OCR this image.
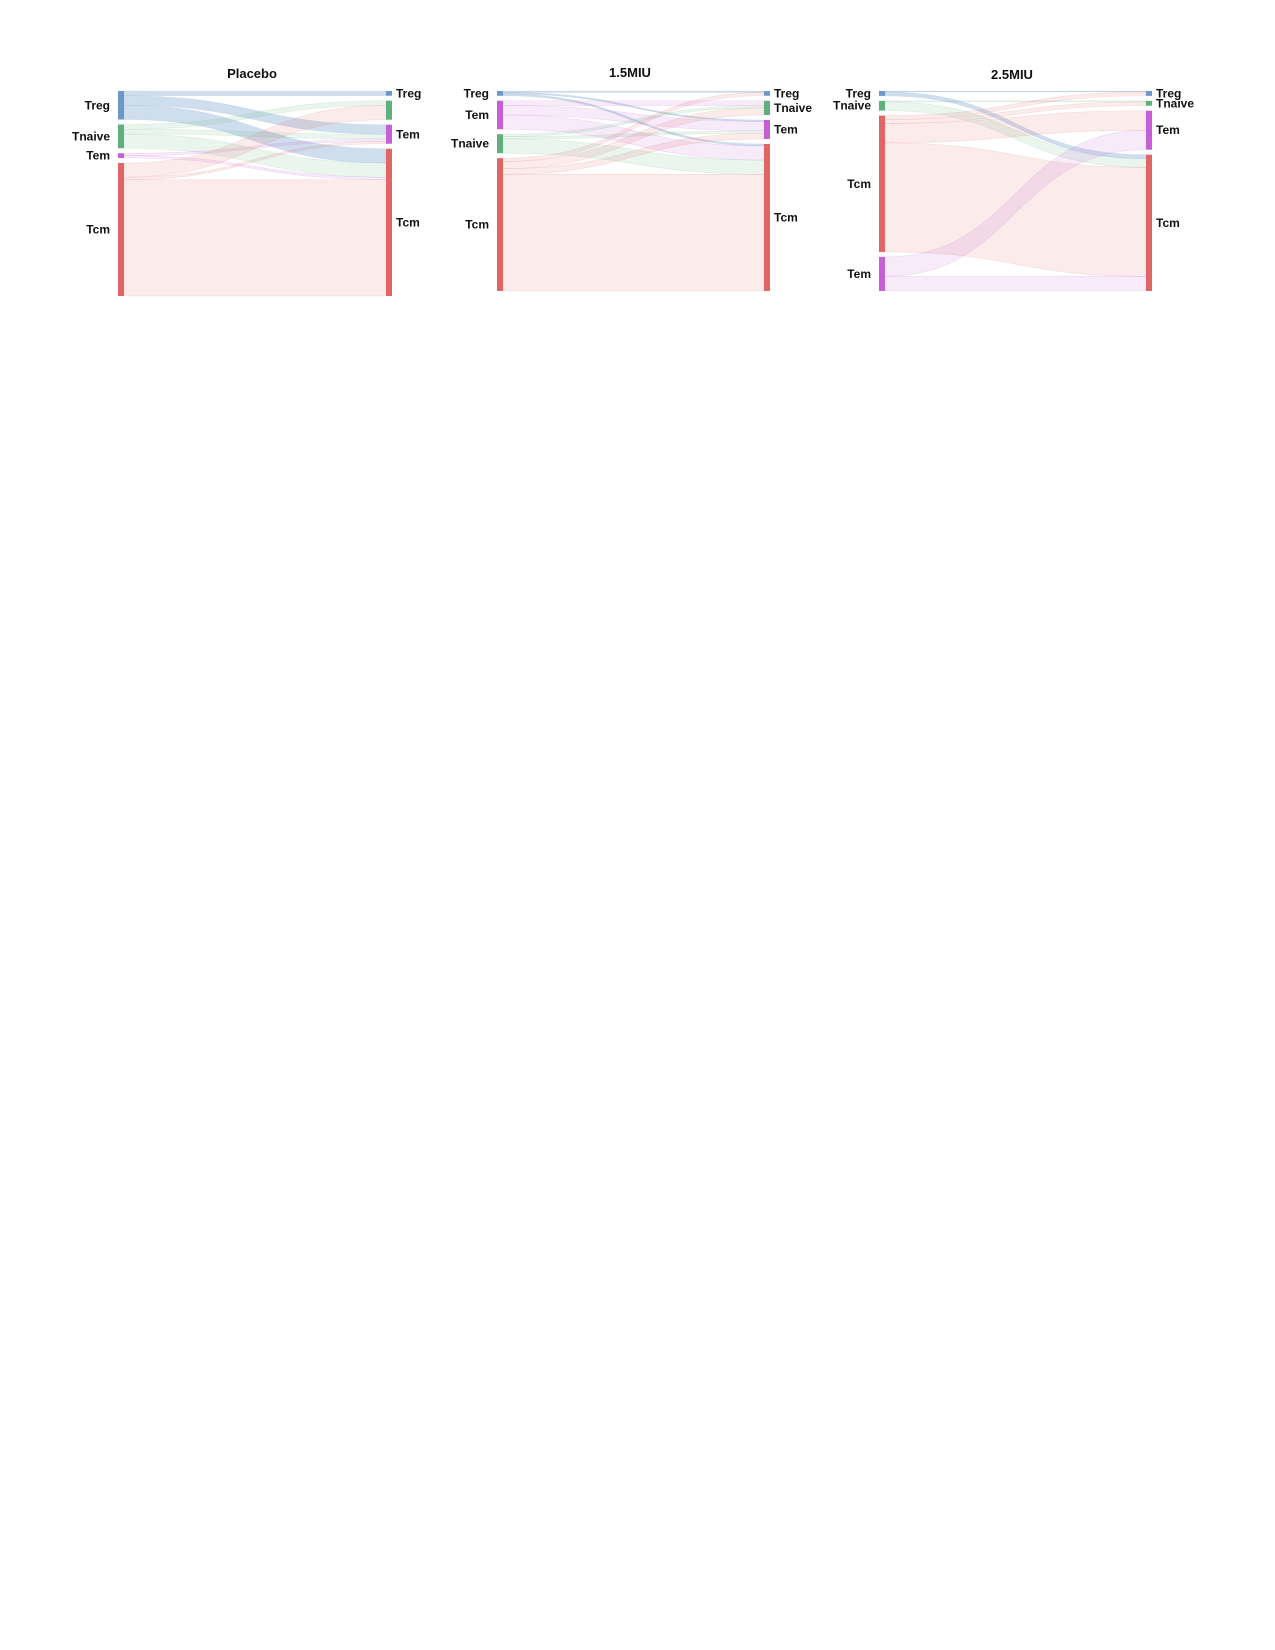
Placebo
Treg
Tnaive
Tem
Tcm
Treg
Tem
Tcm
1.5MIU
Treg
Tem
Tnaive
Tcm
Treg
Tnaive
Tem
Tcm
2.5MIU
Treg
Tnaive
Tcm
Tem
Treg
Tnaive
Tem
Tcm
